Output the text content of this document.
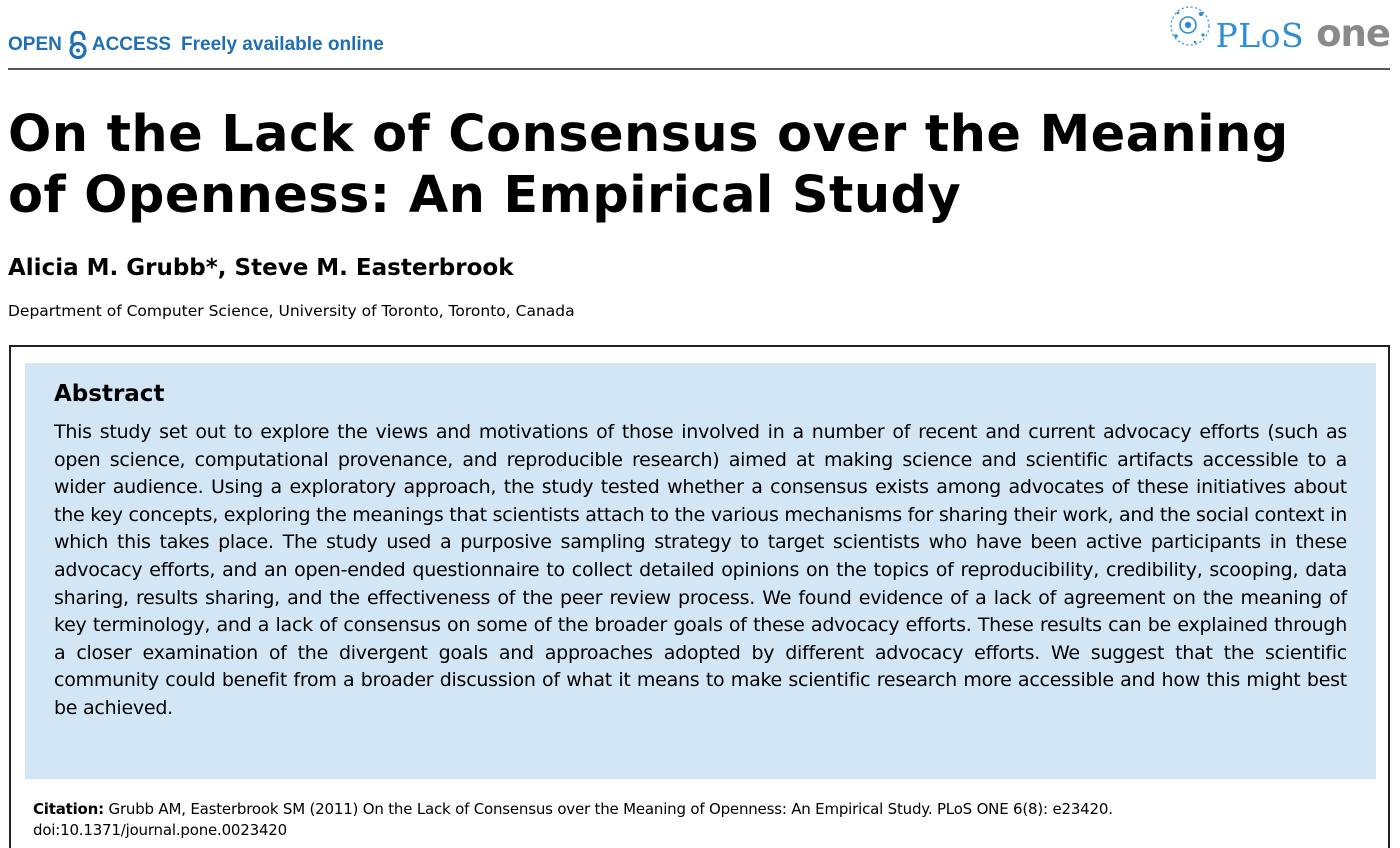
OPEN ACCESS Freely available online	PLoS one
On the Lack of Consensus over the Meaning of Openness: An Empirical Study
Alicia M. Grubb*, Steve M. Easterbrook
Department of Computer Science, University of Toronto, Toronto, Canada
Abstract

This study set out to explore the views and motivations of those involved in a number of recent and current advocacy efforts (such as open science, computational provenance, and reproducible research) aimed at making science and scientific artifacts accessible to a wider audience. Using a exploratory approach, the study tested whether a consensus exists among advocates of these initiatives about the key concepts, exploring the meanings that scientists attach to the various mechanisms for sharing their work, and the social context in which this takes place. The study used a purposive sampling strategy to target scientists who have been active participants in these advocacy efforts, and an open-ended questionnaire to collect detailed opinions on the topics of reproducibility, credibility, scooping, data sharing, results sharing, and the effectiveness of the peer review process. We found evidence of a lack of agreement on the meaning of key terminology, and a lack of consensus on some of the broader goals of these advocacy efforts. These results can be explained through a closer examination of the divergent goals and approaches adopted by different advocacy efforts. We suggest that the scientific community could benefit from a broader discussion of what it means to make scientific research more accessible and how this might best be achieved.

Citation: Grubb AM, Easterbrook SM (2011) On the Lack of Consensus over the Meaning of Openness: An Empirical Study. PLoS ONE 6(8): e23420. doi:10.1371/journal.pone.0023420
